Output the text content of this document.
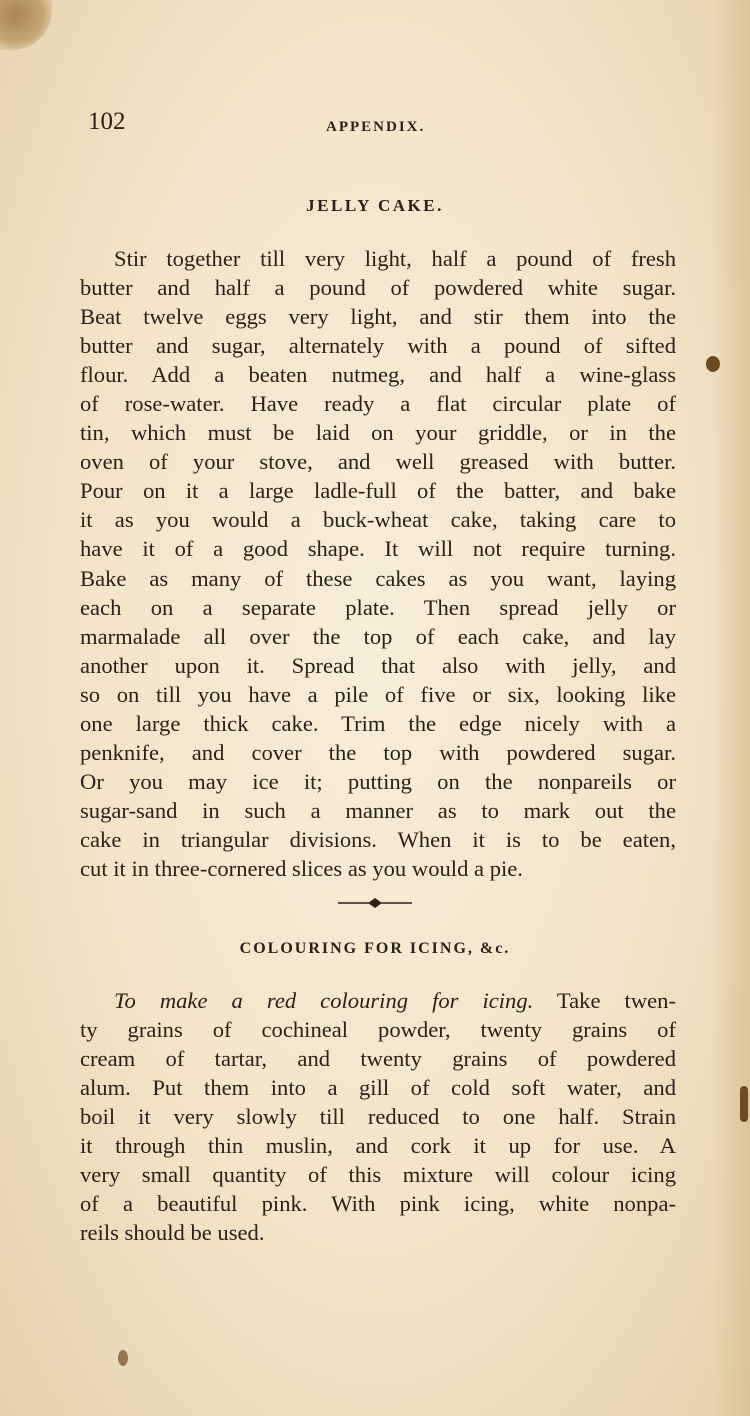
102	APPENDIX.
JELLY CAKE.
Stir together till very light, half a pound of fresh
butter and half a pound of powdered white sugar.
Beat twelve eggs very light, and stir them into the
butter and sugar, alternately with a pound of sifted
flour. Add a beaten nutmeg, and half a wine-glass
of rose-water. Have ready a flat circular plate of
tin, which must be laid on your griddle, or in the
oven of your stove, and well greased with butter.
Pour on it a large ladle-full of the batter, and bake
it as you would a buck-wheat cake, taking care to
have it of a good shape. It will not require turning.
Bake as many of these cakes as you want, laying
each on a separate plate. Then spread jelly or
marmalade all over the top of each cake, and lay
another upon it. Spread that also with jelly, and
so on till you have a pile of five or six, looking like
one large thick cake. Trim the edge nicely with a
penknife, and cover the top with powdered sugar.
Or you may ice it; putting on the nonpareils or
sugar-sand in such a manner as to mark out the
cake in triangular divisions. When it is to be eaten,
cut it in three-cornered slices as you would a pie.
COLOURING FOR ICING, &c.
To make a red colouring for icing. Take twen-
ty grains of cochineal powder, twenty grains of
cream of tartar, and twenty grains of powdered
alum. Put them into a gill of cold soft water, and
boil it very slowly till reduced to one half. Strain
it through thin muslin, and cork it up for use. A
very small quantity of this mixture will colour icing
of a beautiful pink. With pink icing, white nonpa-
reils should be used.
